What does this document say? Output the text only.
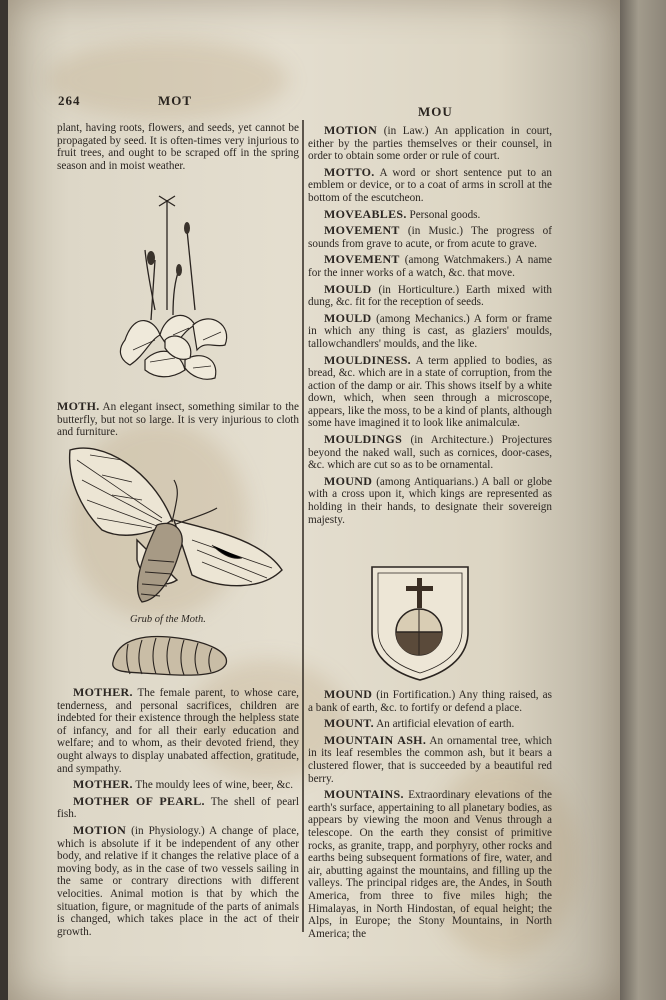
264	MOT
MOU

plant, having roots, flowers, and seeds, yet cannot be propagated by seed. It is often-times very injurious to fruit trees, and ought to be scraped off in the spring season and in moist weather.

MOTH. An elegant insect, something similar to the butterfly, but not so large. It is very injurious to cloth and furniture.

Grub of the Moth.

MOTHER. The female parent, to whose care, tenderness, and personal sacrifices, children are indebted for their existence through the helpless state of infancy, and for all their early education and welfare; and to whom, as their devoted friend, they ought always to display unabated affection, gratitude, and sympathy.

MOTHER. The mouldy lees of wine, beer, &c.

MOTHER OF PEARL. The shell of pearl fish.

MOTION (in Physiology.) A change of place, which is absolute if it be independent of any other body, and relative if it changes the relative place of a moving body, as in the case of two vessels sailing in the same or contrary directions with different velocities. Animal motion is that by which the situation, figure, or magnitude of the parts of animals is changed, which takes place in the act of their growth.

MOTION (in Law.) An application in court, either by the parties themselves or their counsel, in order to obtain some order or rule of court.

MOTTO. A word or short sentence put to an emblem or device, or to a coat of arms in scroll at the bottom of the escutcheon.

MOVEABLES. Personal goods.

MOVEMENT (in Music.) The progress of sounds from grave to acute, or from acute to grave.

MOVEMENT (among Watchmakers.) A name for the inner works of a watch, &c. that move.

MOULD (in Horticulture.) Earth mixed with dung, &c. fit for the reception of seeds.

MOULD (among Mechanics.) A form or frame in which any thing is cast, as glaziers' moulds, tallowchandlers' moulds, and the like.

MOULDINESS. A term applied to bodies, as bread, &c. which are in a state of corruption, from the action of the damp or air. This shows itself by a white down, which, when seen through a microscope, appears, like the moss, to be a kind of plants, although some have imagined it to look like animalculæ.

MOULDINGS (in Architecture.) Projectures beyond the naked wall, such as cornices, door-cases, &c. which are cut so as to be ornamental.

MOUND (among Antiquarians.) A ball or globe with a cross upon it, which kings are represented as holding in their hands, to designate their sovereign majesty.

MOUND (in Fortification.) Any thing raised, as a bank of earth, &c. to fortify or defend a place.

MOUNT. An artificial elevation of earth.

MOUNTAIN ASH. An ornamental tree, which in its leaf resembles the common ash, but it bears a clustered flower, that is succeeded by a beautiful red berry.

MOUNTAINS. Extraordinary elevations of the earth's surface, appertaining to all planetary bodies, as appears by viewing the moon and Venus through a telescope. On the earth they consist of primitive rocks, as granite, trapp, and porphyry, other rocks and earths being subsequent formations of fire, water, and air, abutting against the mountains, and filling up the valleys. The principal ridges are, the Andes, in South America, from three to five miles high; the Himalayas, in North Hindostan, of equal height; the Alps, in Europe; the Stony Mountains, in North America; the
